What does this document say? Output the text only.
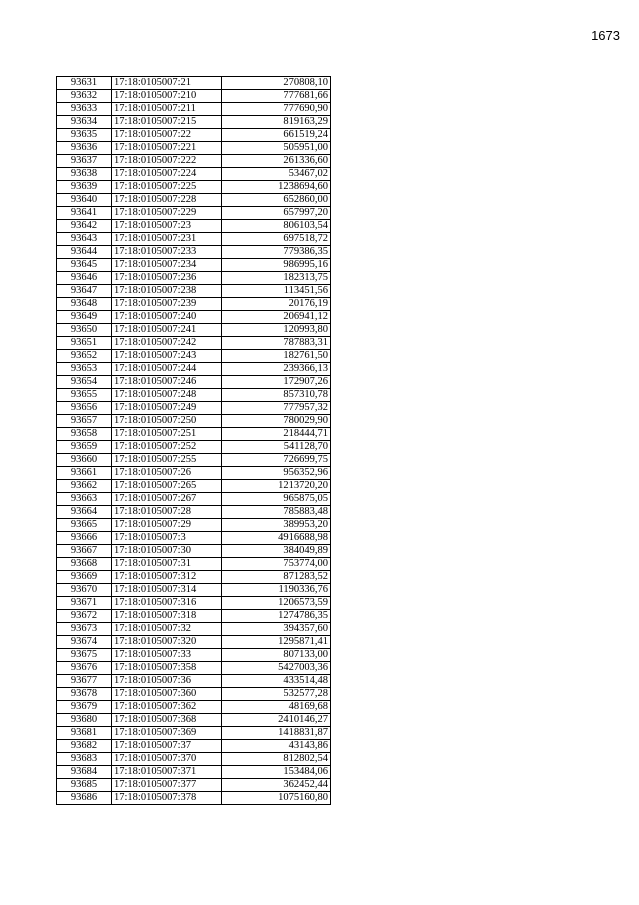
1673
93631	17:18:0105007:21	270808,10
93632	17:18:0105007:210	777681,66
93633	17:18:0105007:211	777690,90
93634	17:18:0105007:215	819163,29
93635	17:18:0105007:22	661519,24
93636	17:18:0105007:221	505951,00
93637	17:18:0105007:222	261336,60
93638	17:18:0105007:224	53467,02
93639	17:18:0105007:225	1238694,60
93640	17:18:0105007:228	652860,00
93641	17:18:0105007:229	657997,20
93642	17:18:0105007:23	806103,54
93643	17:18:0105007:231	697518,72
93644	17:18:0105007:233	779386,35
93645	17:18:0105007:234	986995,16
93646	17:18:0105007:236	182313,75
93647	17:18:0105007:238	113451,56
93648	17:18:0105007:239	20176,19
93649	17:18:0105007:240	206941,12
93650	17:18:0105007:241	120993,80
93651	17:18:0105007:242	787883,31
93652	17:18:0105007:243	182761,50
93653	17:18:0105007:244	239366,13
93654	17:18:0105007:246	172907,26
93655	17:18:0105007:248	857310,78
93656	17:18:0105007:249	777957,32
93657	17:18:0105007:250	780029,90
93658	17:18:0105007:251	218444,71
93659	17:18:0105007:252	541128,70
93660	17:18:0105007:255	726699,75
93661	17:18:0105007:26	956352,96
93662	17:18:0105007:265	1213720,20
93663	17:18:0105007:267	965875,05
93664	17:18:0105007:28	785883,48
93665	17:18:0105007:29	389953,20
93666	17:18:0105007:3	4916688,98
93667	17:18:0105007:30	384049,89
93668	17:18:0105007:31	753774,00
93669	17:18:0105007:312	871283,52
93670	17:18:0105007:314	1190336,76
93671	17:18:0105007:316	1206573,59
93672	17:18:0105007:318	1274786,35
93673	17:18:0105007:32	394357,60
93674	17:18:0105007:320	1295871,41
93675	17:18:0105007:33	807133,00
93676	17:18:0105007:358	5427003,36
93677	17:18:0105007:36	433514,48
93678	17:18:0105007:360	532577,28
93679	17:18:0105007:362	48169,68
93680	17:18:0105007:368	2410146,27
93681	17:18:0105007:369	1418831,87
93682	17:18:0105007:37	43143,86
93683	17:18:0105007:370	812802,54
93684	17:18:0105007:371	153484,06
93685	17:18:0105007:377	362452,44
93686	17:18:0105007:378	1075160,80
